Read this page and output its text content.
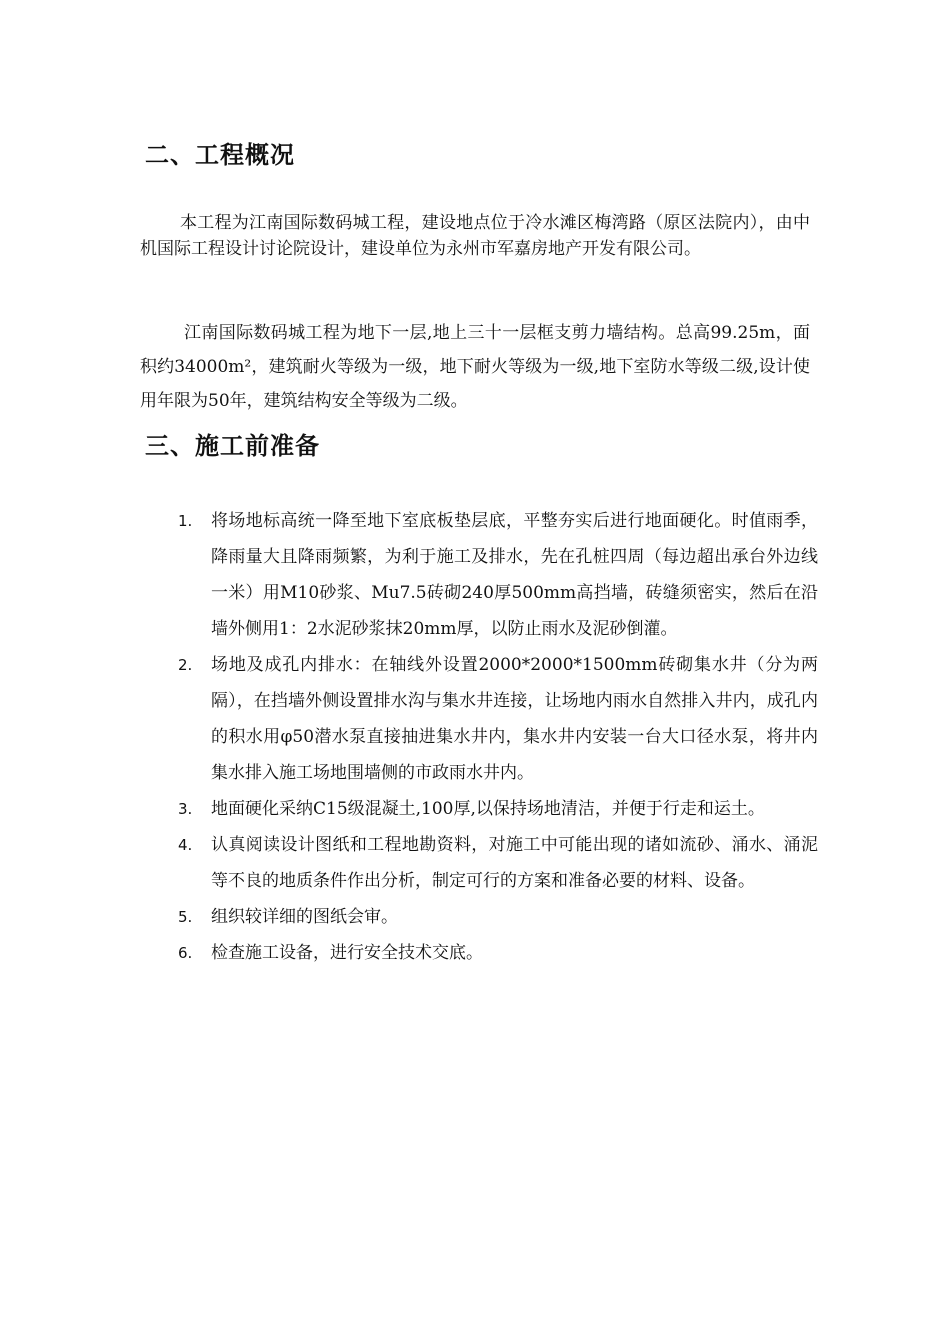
二、工程概况

本工程为江南国际数码城工程，建设地点位于冷水滩区梅湾路（原区法院内），由中机国际工程设计讨论院设计，建设单位为永州市军嘉房地产开发有限公司。

江南国际数码城工程为地下一层,地上三十一层框支剪力墙结构。总高99.25m，面积约34000m²，建筑耐火等级为一级，地下耐火等级为一级,地下室防水等级二级,设计使用年限为50年，建筑结构安全等级为二级。

三、施工前准备
1.	将场地标高统一降至地下室底板垫层底，平整夯实后进行地面硬化。时值雨季，降雨量大且降雨频繁，为利于施工及排水，先在孔桩四周（每边超出承台外边线一米）用M10砂浆、Mu7.5砖砌240厚500mm高挡墙，砖缝须密实，然后在沿墙外侧用1：2水泥砂浆抹20mm厚，以防止雨水及泥砂倒灌。
2.	场地及成孔内排水：在轴线外设置2000*2000*1500mm砖砌集水井（分为两隔），在挡墙外侧设置排水沟与集水井连接，让场地内雨水自然排入井内，成孔内的积水用φ50潜水泵直接抽进集水井内，集水井内安装一台大口径水泵，将井内集水排入施工场地围墙侧的市政雨水井内。
3.	地面硬化采纳C15级混凝土,100厚,以保持场地清洁，并便于行走和运土。
4.	认真阅读设计图纸和工程地勘资料，对施工中可能出现的诸如流砂、涌水、涌泥等不良的地质条件作出分析，制定可行的方案和准备必要的材料、设备。
5.	组织较详细的图纸会审。
6.	检查施工设备，进行安全技术交底。
